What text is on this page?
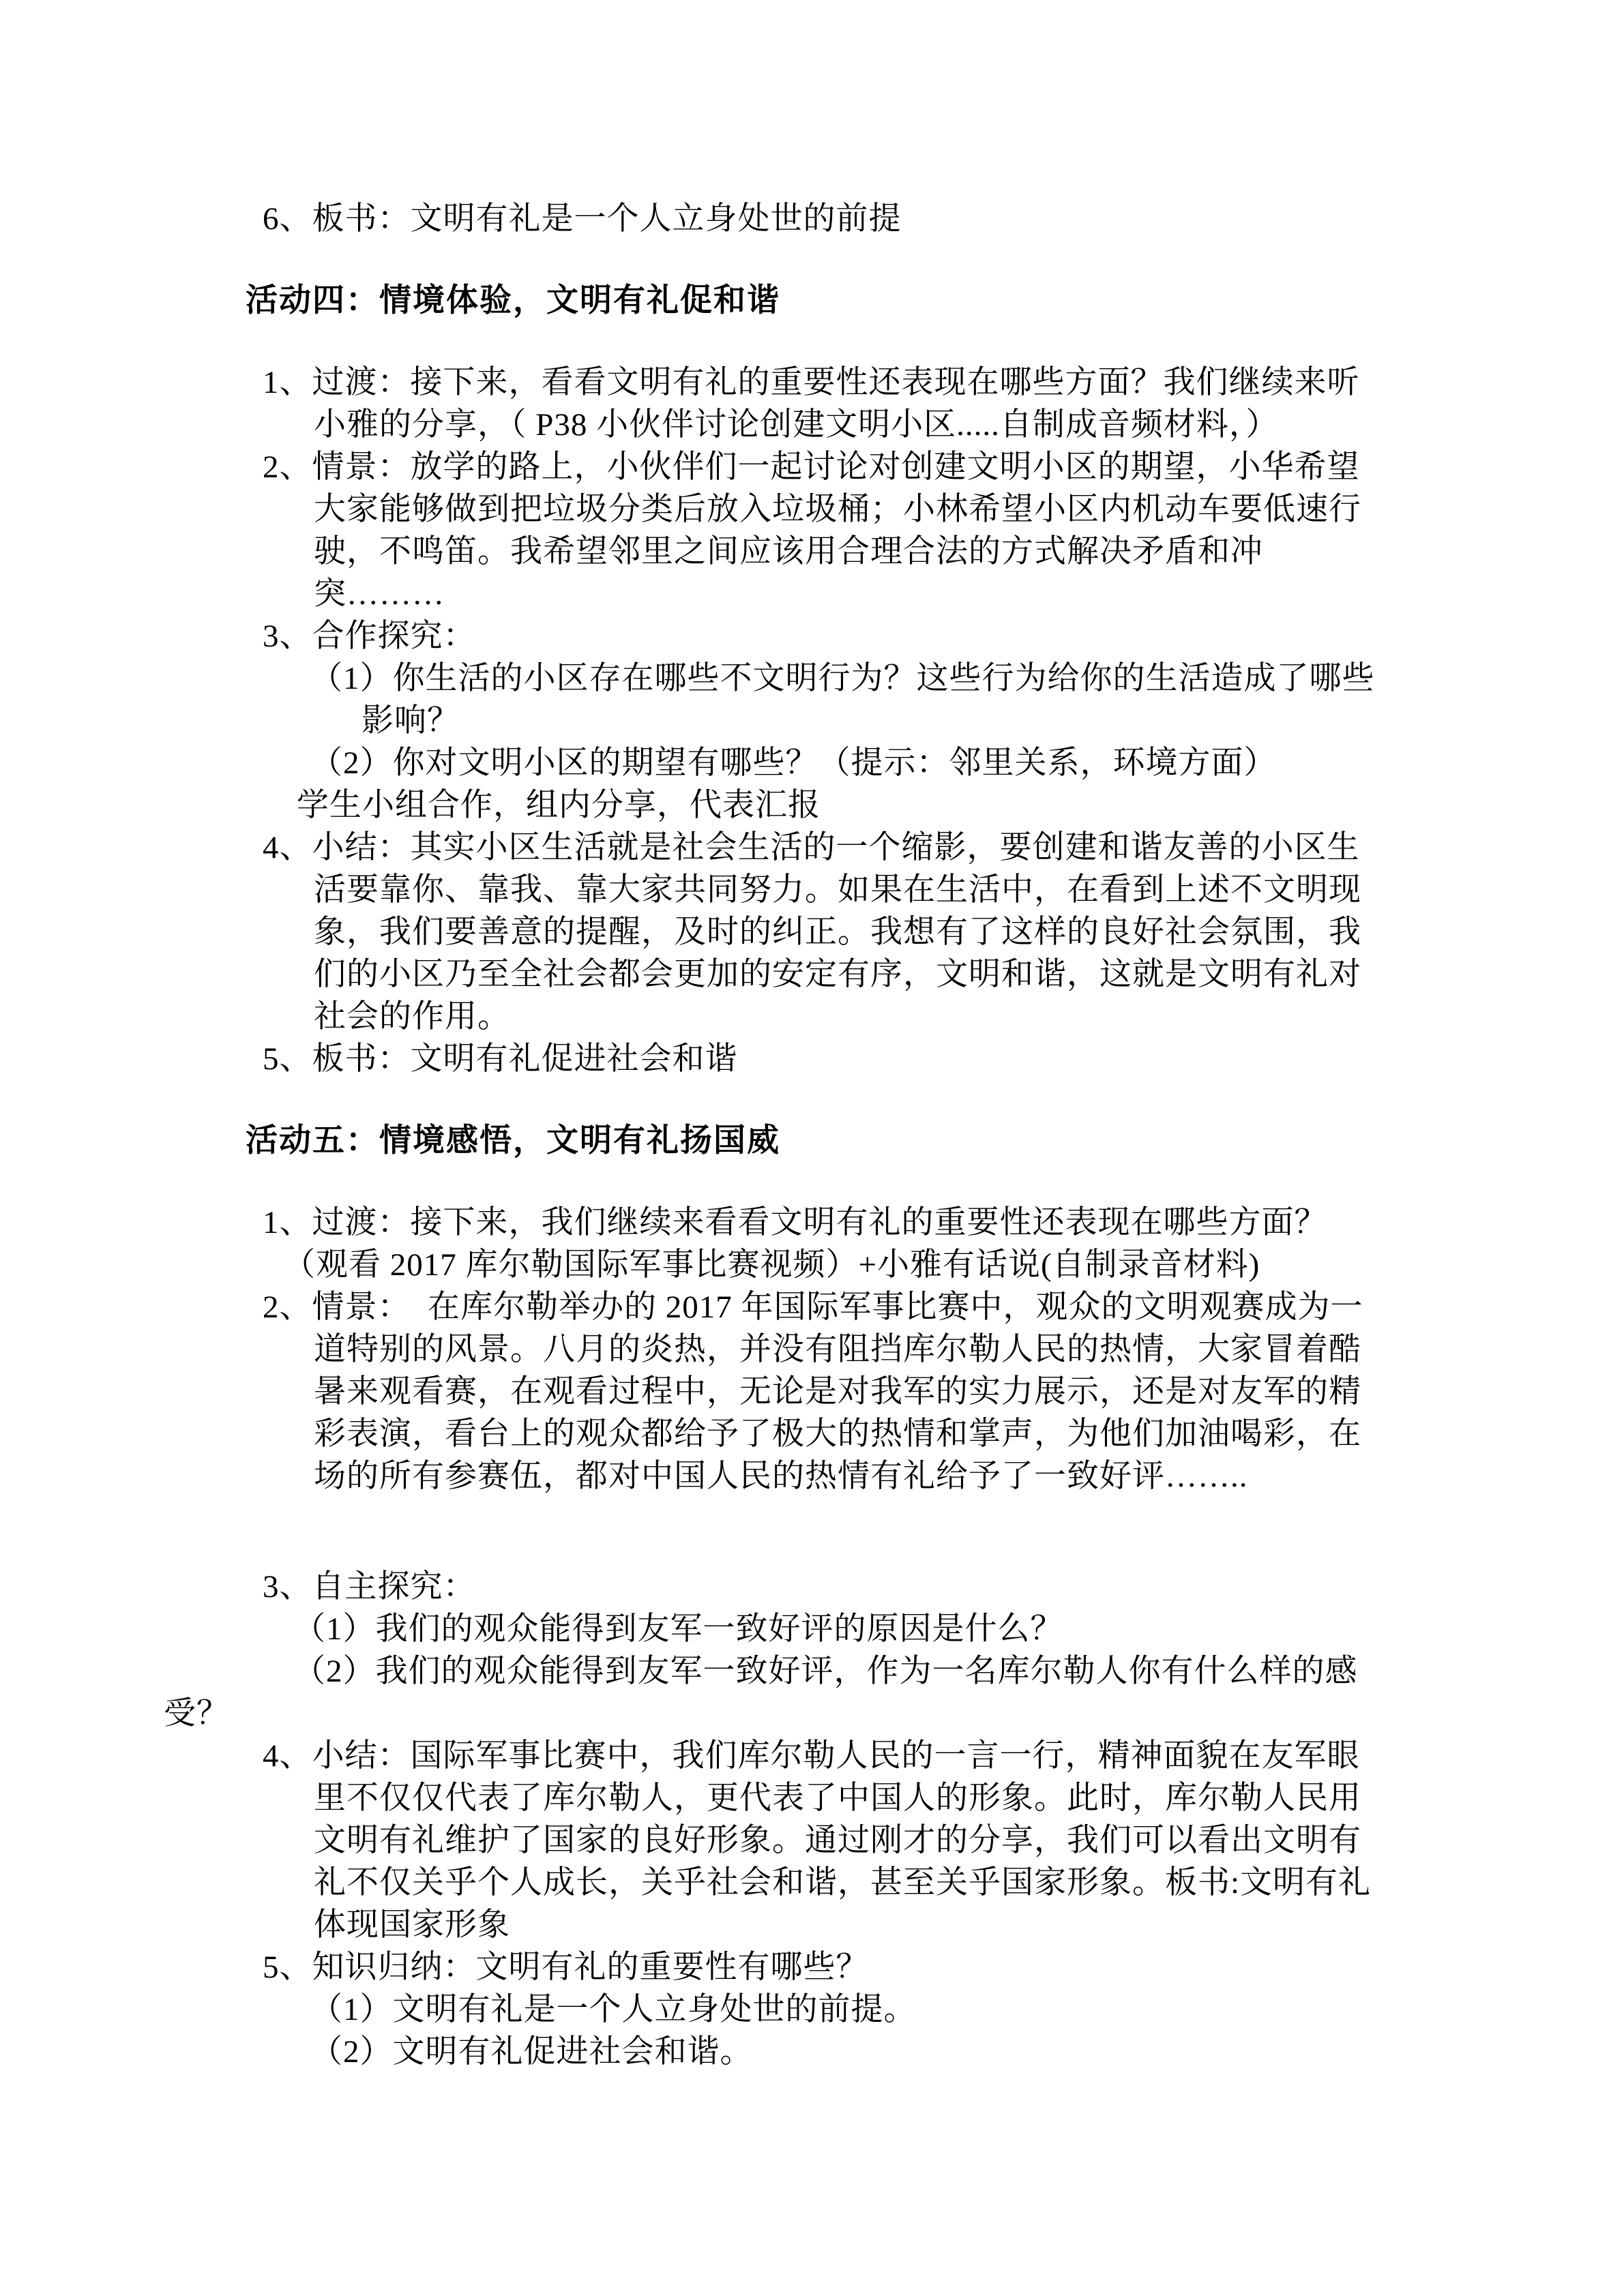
6、板书：文明有礼是一个人立身处世的前提
活动四：情境体验，文明有礼促和谐
1、过渡：接下来，看看文明有礼的重要性还表现在哪些方面？我们继续来听
小雅的分享，（ P38 小伙伴讨论创建文明小区.....自制成音频材料，）
2、情景：放学的路上，小伙伴们一起讨论对创建文明小区的期望，小华希望
大家能够做到把垃圾分类后放入垃圾桶；小林希望小区内机动车要低速行
驶，不鸣笛。我希望邻里之间应该用合理合法的方式解决矛盾和冲
突………
3、合作探究：
（1）你生活的小区存在哪些不文明行为？这些行为给你的生活造成了哪些
影响？
（2）你对文明小区的期望有哪些？（提示：邻里关系，环境方面）
学生小组合作，组内分享，代表汇报
4、小结：其实小区生活就是社会生活的一个缩影，要创建和谐友善的小区生
活要靠你、靠我、靠大家共同努力。如果在生活中，在看到上述不文明现
象，我们要善意的提醒，及时的纠正。我想有了这样的良好社会氛围，我
们的小区乃至全社会都会更加的安定有序，文明和谐，这就是文明有礼对
社会的作用。
5、板书：文明有礼促进社会和谐
活动五：情境感悟，文明有礼扬国威
1、过渡：接下来，我们继续来看看文明有礼的重要性还表现在哪些方面？
（观看 2017 库尔勒国际军事比赛视频）+小雅有话说(自制录音材料)
2、情景：  在库尔勒举办的 2017 年国际军事比赛中，观众的文明观赛成为一
道特别的风景。八月的炎热，并没有阻挡库尔勒人民的热情，大家冒着酷
暑来观看赛，在观看过程中，无论是对我军的实力展示，还是对友军的精
彩表演，看台上的观众都给予了极大的热情和掌声，为他们加油喝彩，在
场的所有参赛伍，都对中国人民的热情有礼给予了一致好评……..
3、自主探究：
（1）我们的观众能得到友军一致好评的原因是什么？
（2）我们的观众能得到友军一致好评，作为一名库尔勒人你有什么样的感
受？
4、小结：国际军事比赛中，我们库尔勒人民的一言一行，精神面貌在友军眼
里不仅仅代表了库尔勒人，更代表了中国人的形象。此时，库尔勒人民用
文明有礼维护了国家的良好形象。通过刚才的分享，我们可以看出文明有
礼不仅关乎个人成长，关乎社会和谐，甚至关乎国家形象。板书:文明有礼
体现国家形象
5、知识归纳：文明有礼的重要性有哪些？
（1）文明有礼是一个人立身处世的前提。
（2）文明有礼促进社会和谐。
